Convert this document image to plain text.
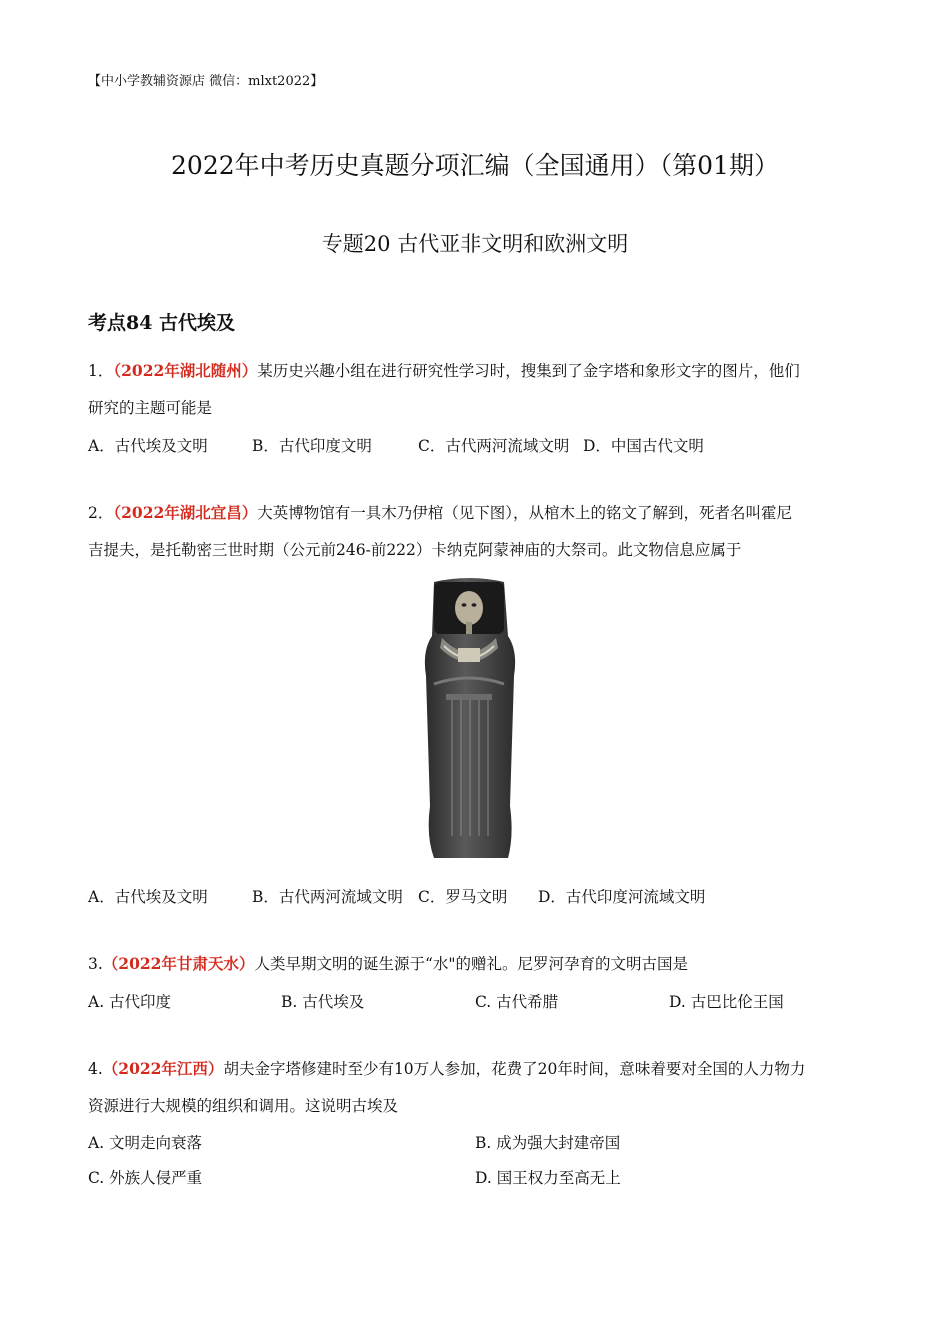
【中小学教辅资源店 微信：mlxt2022】
2022年中考历史真题分项汇编（全国通用）（第01期）
专题20 古代亚非文明和欧洲文明
考点84 古代埃及
1．（2022年湖北随州）某历史兴趣小组在进行研究性学习时，搜集到了金字塔和象形文字的图片，他们
研究的主题可能是
A．古代埃及文明	B．古代印度文明	C．古代两河流域文明 D．中国古代文明
2．（2022年湖北宜昌）大英博物馆有一具木乃伊棺（见下图），从棺木上的铭文了解到，死者名叫霍尼
吉提夫，是托勒密三世时期（公元前246-前222）卡纳克阿蒙神庙的大祭司。此文物信息应属于
A．古代埃及文明	B．古代两河流域文明 C．罗马文明 D．古代印度河流域文明
3.（2022年甘肃天水）人类早期文明的诞生源于“水"的赠礼。尼罗河孕育的文明古国是
A. 古代印度	B. 古代埃及	C. 古代希腊	D. 古巴比伦王国
4.（2022年江西）胡夫金字塔修建时至少有10万人参加，花费了20年时间，意味着要对全国的人力物力
资源进行大规模的组织和调用。这说明古埃及
A. 文明走向衰落	B. 成为强大封建帝国
C. 外族人侵严重	D. 国王权力至高无上
